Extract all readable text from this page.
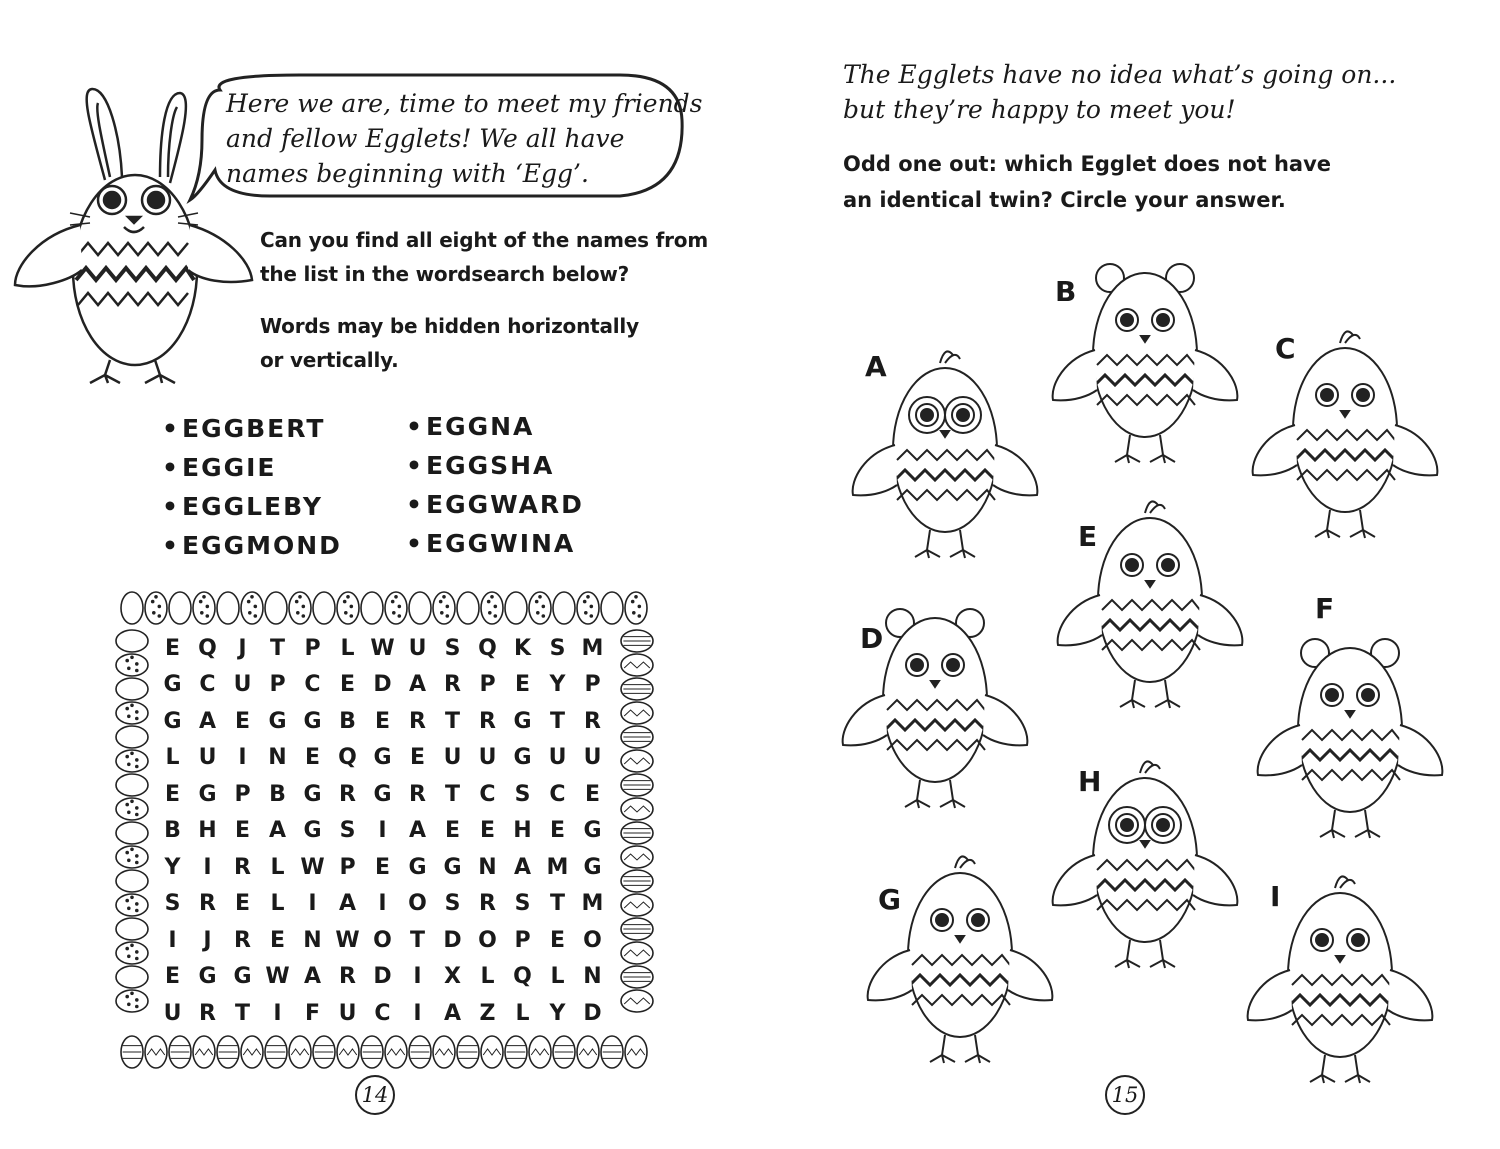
Here we are, time to meet my friends
and fellow Egglets! We all have
names beginning with ‘Egg’.
Can you find all eight of the names from
the list in the wordsearch below?
Words may be hidden horizontally
or vertically.
•EGGBERT
•EGGIE
•EGGLEBY
•EGGMOND
•EGGNA
•EGGSHA
•EGGWARD
•EGGWINA
E Q J	T P L W U S Q K S M
G C U P C E D A R P E Y P
G A E G G B E R T R G T R
L U I N E Q G E U U G U U
E G P B G R G R T C S C E
B H E A G S	I	A E E H E G
Y	I	R L W P E G G N A M G
S R E L	I	A	I O S R S T M
I	J	R E N W O T D O P E O
E G G W A R D I	X L Q L N
U R T	I	F U C	I	A Z L Y D
14
The Egglets have no idea what’s going on...
but they’re happy to meet you!
Odd one out: which Egglet does not have
an identical twin? Circle your answer.
A
B
C
D
E
F
G
H
I
15
